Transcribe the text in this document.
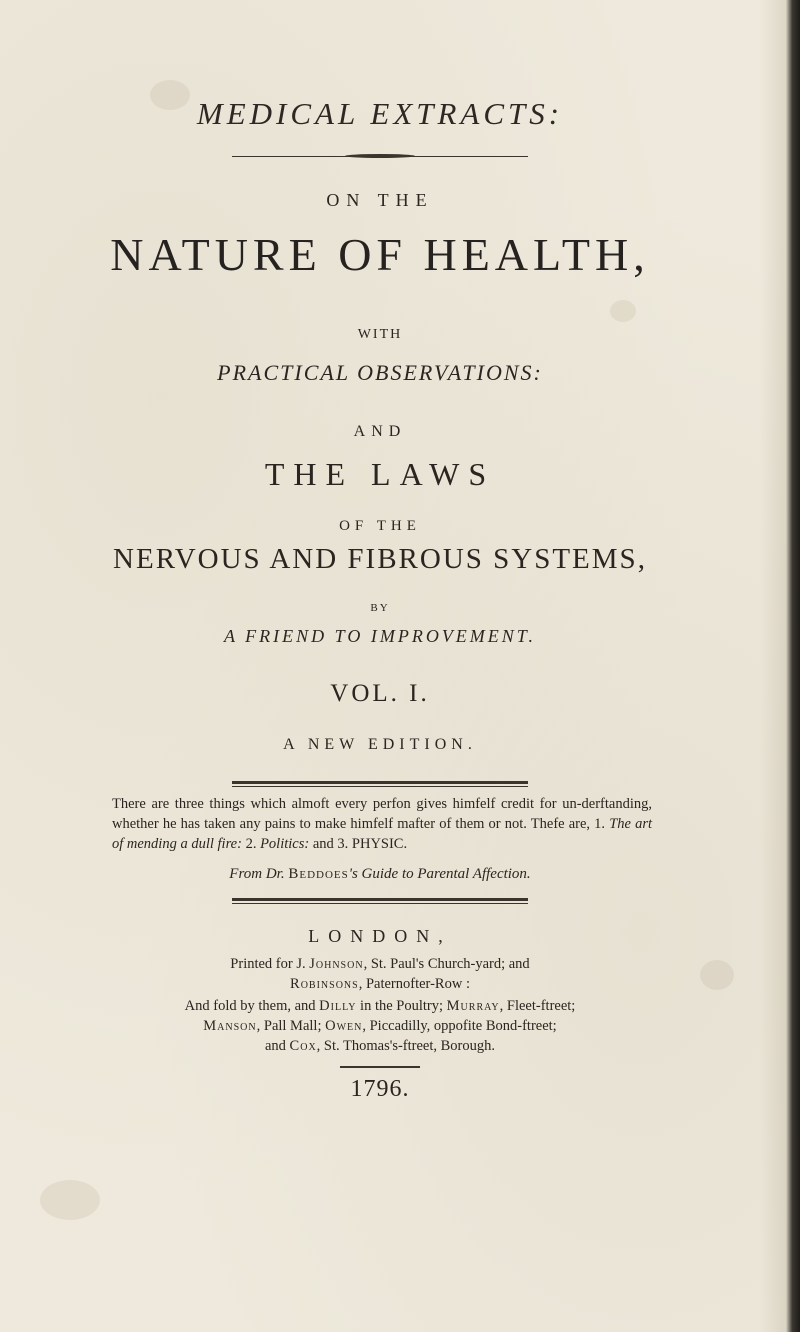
MEDICAL EXTRACTS:
ON THE
NATURE OF HEALTH,
WITH
PRACTICAL OBSERVATIONS:
AND
THE LAWS
OF THE
NERVOUS AND FIBROUS SYSTEMS,
BY
A FRIEND TO IMPROVEMENT.
VOL. I.
A NEW EDITION.

There are three things which almoft every perfon gives himfelf credit for un-derftanding, whether he has taken any pains to make himfelf mafter of them or not. Thefe are, 1. The art of mending a dull fire: 2. Politics: and 3. PHYSIC.

From Dr. Beddoes's Guide to Parental Affection.
LONDON,
Printed for J. Johnson, St. Paul's Church-yard; and
Robinsons, Paternofter-Row :
And fold by them, and Dilly in the Poultry; Murray, Fleet-ftreet;
Manson, Pall Mall; Owen, Piccadilly, oppofite Bond-ftreet;
and Cox, St. Thomas's-ftreet, Borough.
1796.
